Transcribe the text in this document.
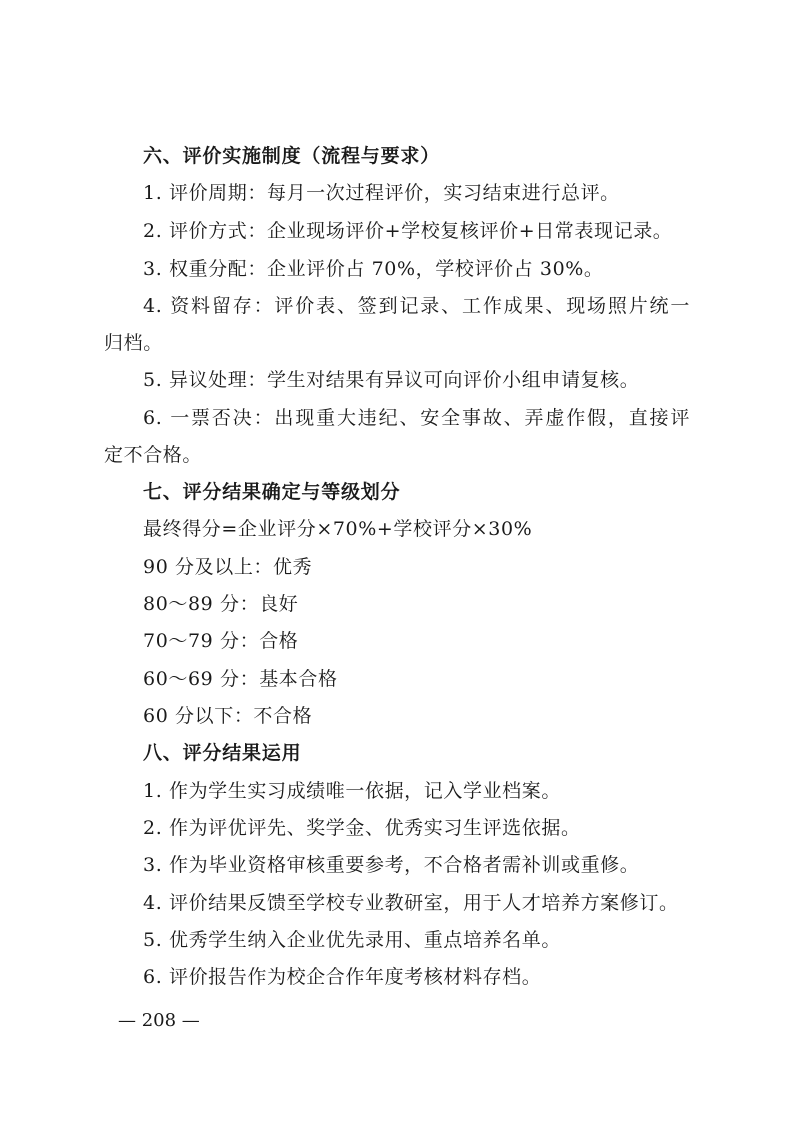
六、评价实施制度（流程与要求）
1. 评价周期：每月一次过程评价，实习结束进行总评。
2. 评价方式：企业现场评价+学校复核评价+日常表现记录。
3. 权重分配：企业评价占 70%，学校评价占 30%。
4. 资料留存：评价表、签到记录、工作成果、现场照片统一
归档。
5. 异议处理：学生对结果有异议可向评价小组申请复核。
6. 一票否决：出现重大违纪、安全事故、弄虚作假，直接评
定不合格。
七、评分结果确定与等级划分
最终得分=企业评分×70%+学校评分×30%
90 分及以上：优秀
80～89 分：良好
70～79 分：合格
60～69 分：基本合格
60 分以下：不合格
八、评分结果运用
1. 作为学生实习成绩唯一依据，记入学业档案。
2. 作为评优评先、奖学金、优秀实习生评选依据。
3. 作为毕业资格审核重要参考，不合格者需补训或重修。
4. 评价结果反馈至学校专业教研室，用于人才培养方案修订。
5. 优秀学生纳入企业优先录用、重点培养名单。
6. 评价报告作为校企合作年度考核材料存档。
— 208 —
